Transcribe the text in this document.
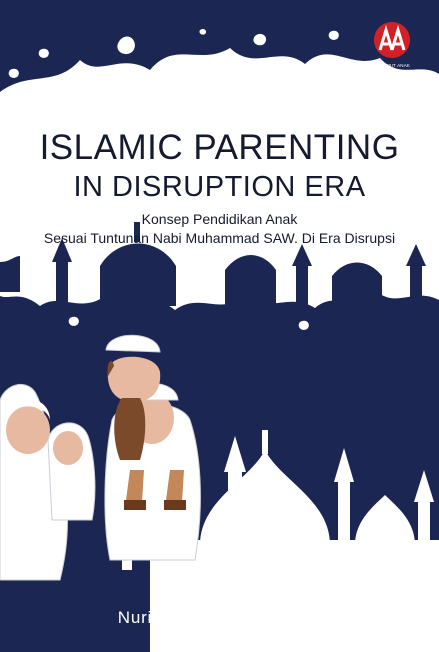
PENERBIT ANAK
ISLAMIC PARENTING
IN DISRUPTION ERA
Konsep Pendidikan Anak
Sesuai Tuntunan Nabi Muhammad SAW. Di Era Disrupsi
Nuri Firdausiatul Jannah
